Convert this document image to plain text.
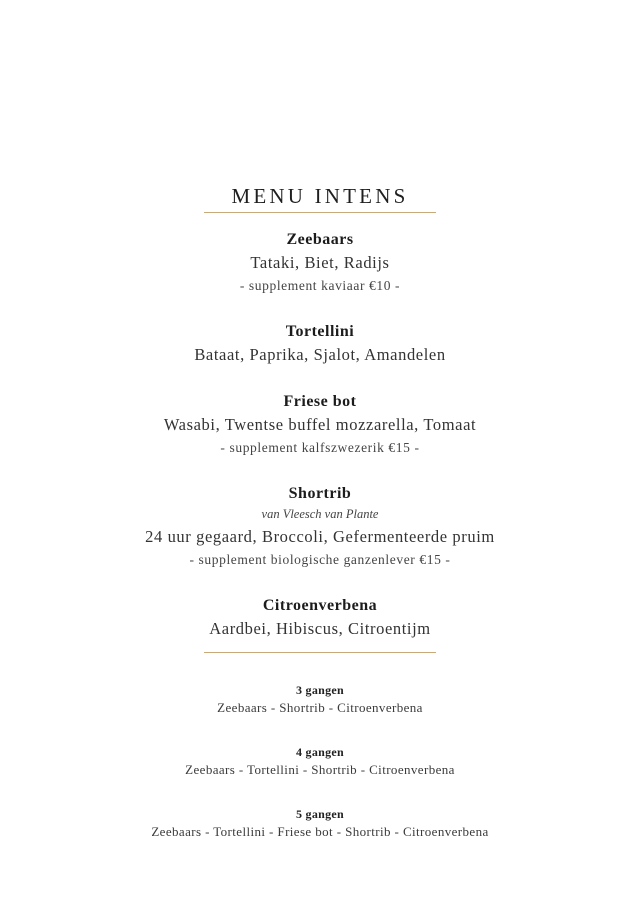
MENU INTENS
Zeebaars
Tataki, Biet, Radijs
- supplement kaviaar €10 -
Tortellini
Bataat, Paprika, Sjalot, Amandelen
Friese bot
Wasabi, Twentse buffel mozzarella, Tomaat
- supplement kalfszwezerik €15 -
Shortrib
van Vleesch van Plante
24 uur gegaard, Broccoli, Gefermenteerde pruim
- supplement biologische ganzenlever €15 -
Citroenverbena
Aardbei, Hibiscus, Citroentijm
3 gangen
Zeebaars - Shortrib - Citroenverbena
4 gangen
Zeebaars - Tortellini - Shortrib - Citroenverbena
5 gangen
Zeebaars - Tortellini - Friese bot - Shortrib - Citroenverbena
